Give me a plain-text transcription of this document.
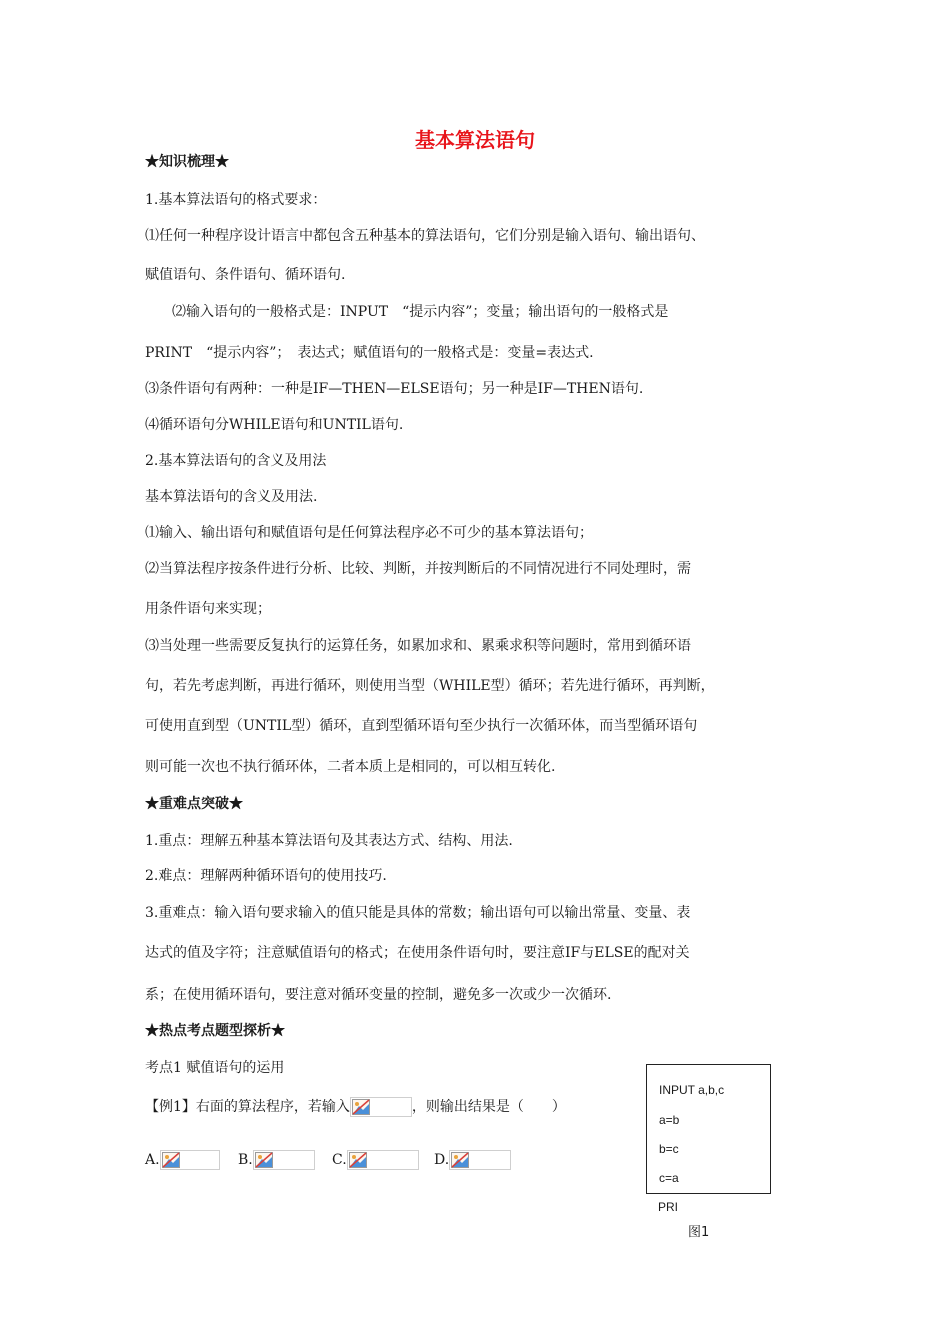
基本算法语句
★知识梳理★
1.基本算法语句的格式要求：
⑴任何一种程序设计语言中都包含五种基本的算法语句，它们分别是输入语句、输出语句、
赋值语句、条件语句、循环语句.
⑵输入语句的一般格式是：INPUT　“提示内容”；变量；输出语句的一般格式是
PRINT　“提示内容”；　表达式；赋值语句的一般格式是：变量=表达式.
⑶条件语句有两种：一种是IF—THEN—ELSE语句；另一种是IF—THEN语句.
⑷循环语句分WHILE语句和UNTIL语句.
2.基本算法语句的含义及用法
基本算法语句的含义及用法.
⑴输入、输出语句和赋值语句是任何算法程序必不可少的基本算法语句；
⑵当算法程序按条件进行分析、比较、判断，并按判断后的不同情况进行不同处理时，需
用条件语句来实现；
⑶当处理一些需要反复执行的运算任务，如累加求和、累乘求积等问题时，常用到循环语
句，若先考虑判断，再进行循环，则使用当型（WHILE型）循环；若先进行循环，再判断，
可使用直到型（UNTIL型）循环，直到型循环语句至少执行一次循环体，而当型循环语句
则可能一次也不执行循环体，二者本质上是相同的，可以相互转化.
★重难点突破★
1.重点：理解五种基本算法语句及其表达方式、结构、用法.
2.难点：理解两种循环语句的使用技巧.
3.重难点：输入语句要求输入的值只能是具体的常数；输出语句可以输出常量、变量、表
达式的值及字符；注意赋值语句的格式；在使用条件语句时，要注意IF与ELSE的配对关
系；在使用循环语句，要注意对循环变量的控制，避免多一次或少一次循环.
★热点考点题型探析★
考点1 赋值语句的运用
【例1】右面的算法程序，若输入	，则输出结果是（　　）
A.	B.	C.	D.
INPUT a,b,c
a=b
b=c
c=a
PRI
图1
